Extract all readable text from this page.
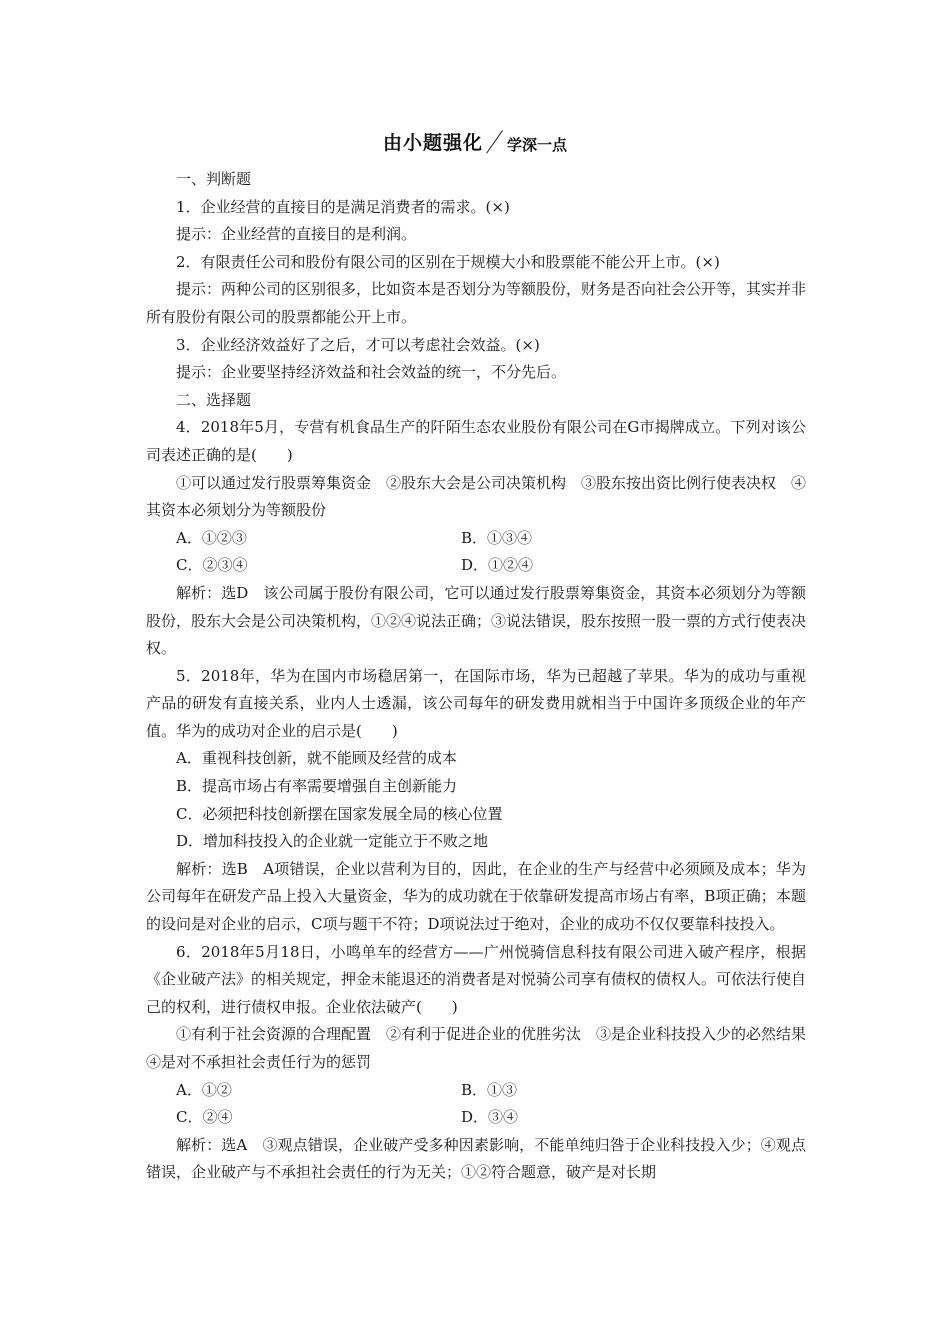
由小题强化 学深一点

一、判断题

1．企业经营的直接目的是满足消费者的需求。(×)

提示：企业经营的直接目的是利润。

2．有限责任公司和股份有限公司的区别在于规模大小和股票能不能公开上市。(×)

提示：两种公司的区别很多，比如资本是否划分为等额股份，财务是否向社会公开等，其实并非所有股份有限公司的股票都能公开上市。

3．企业经济效益好了之后，才可以考虑社会效益。(×)

提示：企业要坚持经济效益和社会效益的统一，不分先后。

二、选择题

4．2018年5月，专营有机食品生产的阡陌生态农业股份有限公司在G市揭牌成立。下列对该公司表述正确的是(　　)

①可以通过发行股票筹集资金　②股东大会是公司决策机构　③股东按出资比例行使表决权　④其资本必须划分为等额股份

A．①②③	B．①③④
C．②③④	D．①②④

解析：选D　该公司属于股份有限公司，它可以通过发行股票筹集资金，其资本必须划分为等额股份，股东大会是公司决策机构，①②④说法正确；③说法错误，股东按照一股一票的方式行使表决权。

5．2018年，华为在国内市场稳居第一，在国际市场，华为已超越了苹果。华为的成功与重视产品的研发有直接关系，业内人士透漏，该公司每年的研发费用就相当于中国许多顶级企业的年产值。华为的成功对企业的启示是(　　)

A．重视科技创新，就不能顾及经营的成本

B．提高市场占有率需要增强自主创新能力

C．必须把科技创新摆在国家发展全局的核心位置

D．增加科技投入的企业就一定能立于不败之地

解析：选B　A项错误，企业以营利为目的，因此，在企业的生产与经营中必须顾及成本；华为公司每年在研发产品上投入大量资金，华为的成功就在于依靠研发提高市场占有率，B项正确；本题的设问是对企业的启示，C项与题干不符；D项说法过于绝对，企业的成功不仅仅要靠科技投入。

6．2018年5月18日，小鸣单车的经营方——广州悦骑信息科技有限公司进入破产程序，根据《企业破产法》的相关规定，押金未能退还的消费者是对悦骑公司享有债权的债权人。可依法行使自己的权利，进行债权申报。企业依法破产(　　)

①有利于社会资源的合理配置　②有利于促进企业的优胜劣汰　③是企业科技投入少的必然结果　④是对不承担社会责任行为的惩罚

A．①②	B．①③
C．②④	D．③④

解析：选A　③观点错误，企业破产受多种因素影响，不能单纯归咎于企业科技投入少；④观点错误，企业破产与不承担社会责任的行为无关；①②符合题意，破产是对长期
